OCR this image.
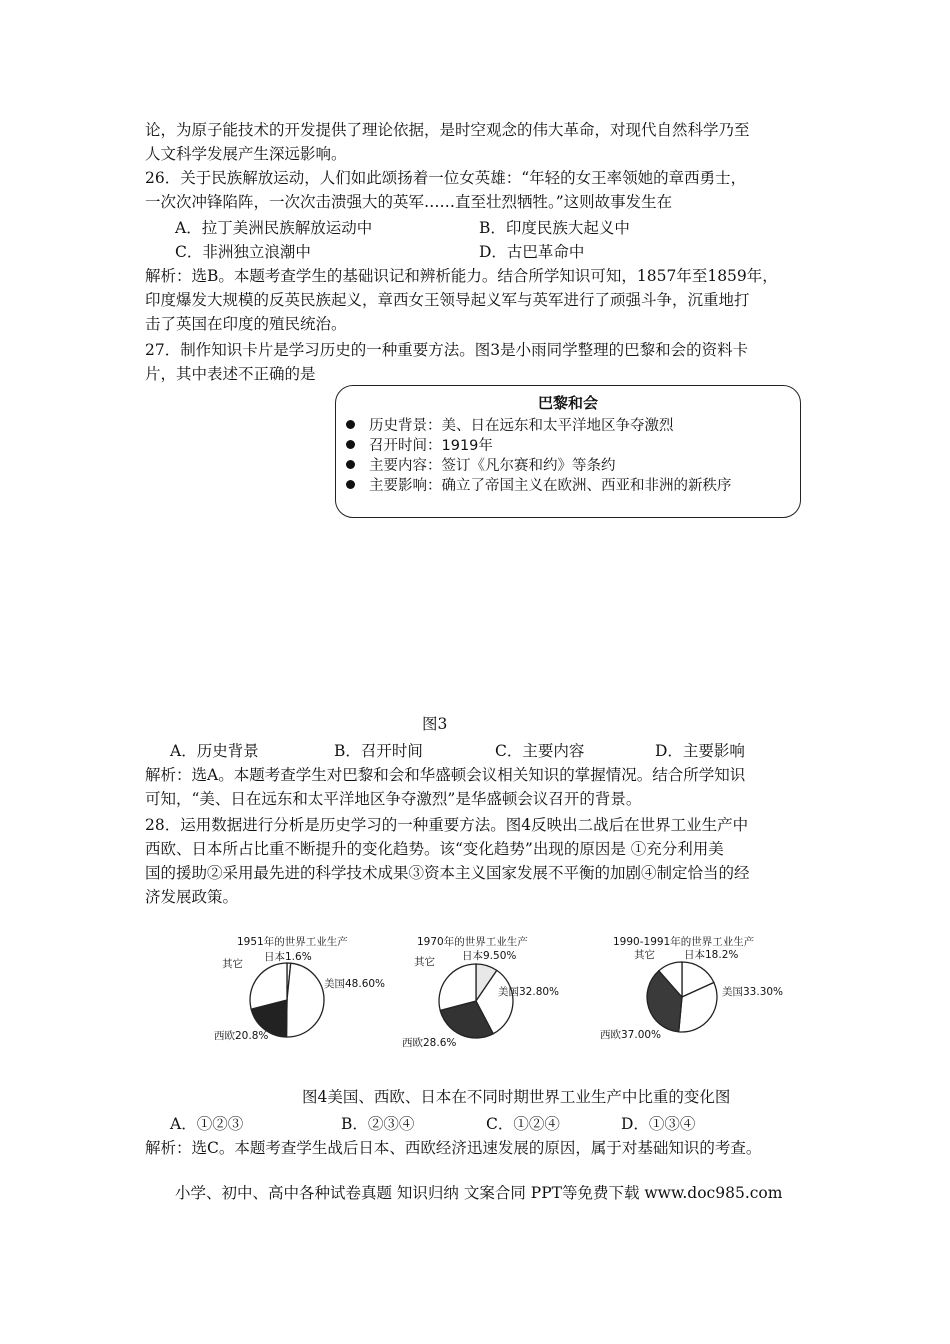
论，为原子能技术的开发提供了理论依据，是时空观念的伟大革命，对现代自然科学乃至
人文科学发展产生深远影响。
26．关于民族解放运动，人们如此颂扬着一位女英雄：“年轻的女王率领她的章西勇士，
一次次冲锋陷阵，一次次击溃强大的英军……直至壮烈牺牲。”这则故事发生在
A．拉丁美洲民族解放运动中	B．印度民族大起义中
C．非洲独立浪潮中	D．古巴革命中
解析：选B。本题考查学生的基础识记和辨析能力。结合所学知识可知，1857年至1859年，
印度爆发大规模的反英民族起义，章西女王领导起义军与英军进行了顽强斗争，沉重地打
击了英国在印度的殖民统治。
27．制作知识卡片是学习历史的一种重要方法。图3是小雨同学整理的巴黎和会的资料卡
片，其中表述不正确的是
巴黎和会
历史背景：美、日在远东和太平洋地区争夺激烈
召开时间：1919年
主要内容：签订《凡尔赛和约》等条约
主要影响：确立了帝国主义在欧洲、西亚和非洲的新秩序
图3
A．历史背景	B．召开时间	C．主要内容	D．主要影响
解析：选A。本题考查学生对巴黎和会和华盛顿会议相关知识的掌握情况。结合所学知识
可知，“美、日在远东和太平洋地区争夺激烈”是华盛顿会议召开的背景。
28．运用数据进行分析是历史学习的一种重要方法。图4反映出二战后在世界工业生产中
西欧、日本所占比重不断提升的变化趋势。该“变化趋势”出现的原因是 ①充分利用美
国的援助②采用最先进的科学技术成果③资本主义国家发展不平衡的加剧④制定恰当的经
济发展政策。
1951年的世界工业生产
日本1.6%
美国48.60%
西欧20.8%
其它
1970年的世界工业生产
日本9.50%
美国32.80%
西欧28.6%
其它
1990-1991年的世界工业生产
日本18.2%
美国33.30%
西欧37.00%
其它
图4美国、西欧、日本在不同时期世界工业生产中比重的变化图
A．①②③	B．②③④	C．①②④	D．①③④
解析：选C。本题考查学生战后日本、西欧经济迅速发展的原因，属于对基础知识的考查。
小学、初中、高中各种试卷真题 知识归纳 文案合同 PPT等免费下载 www.doc985.com
